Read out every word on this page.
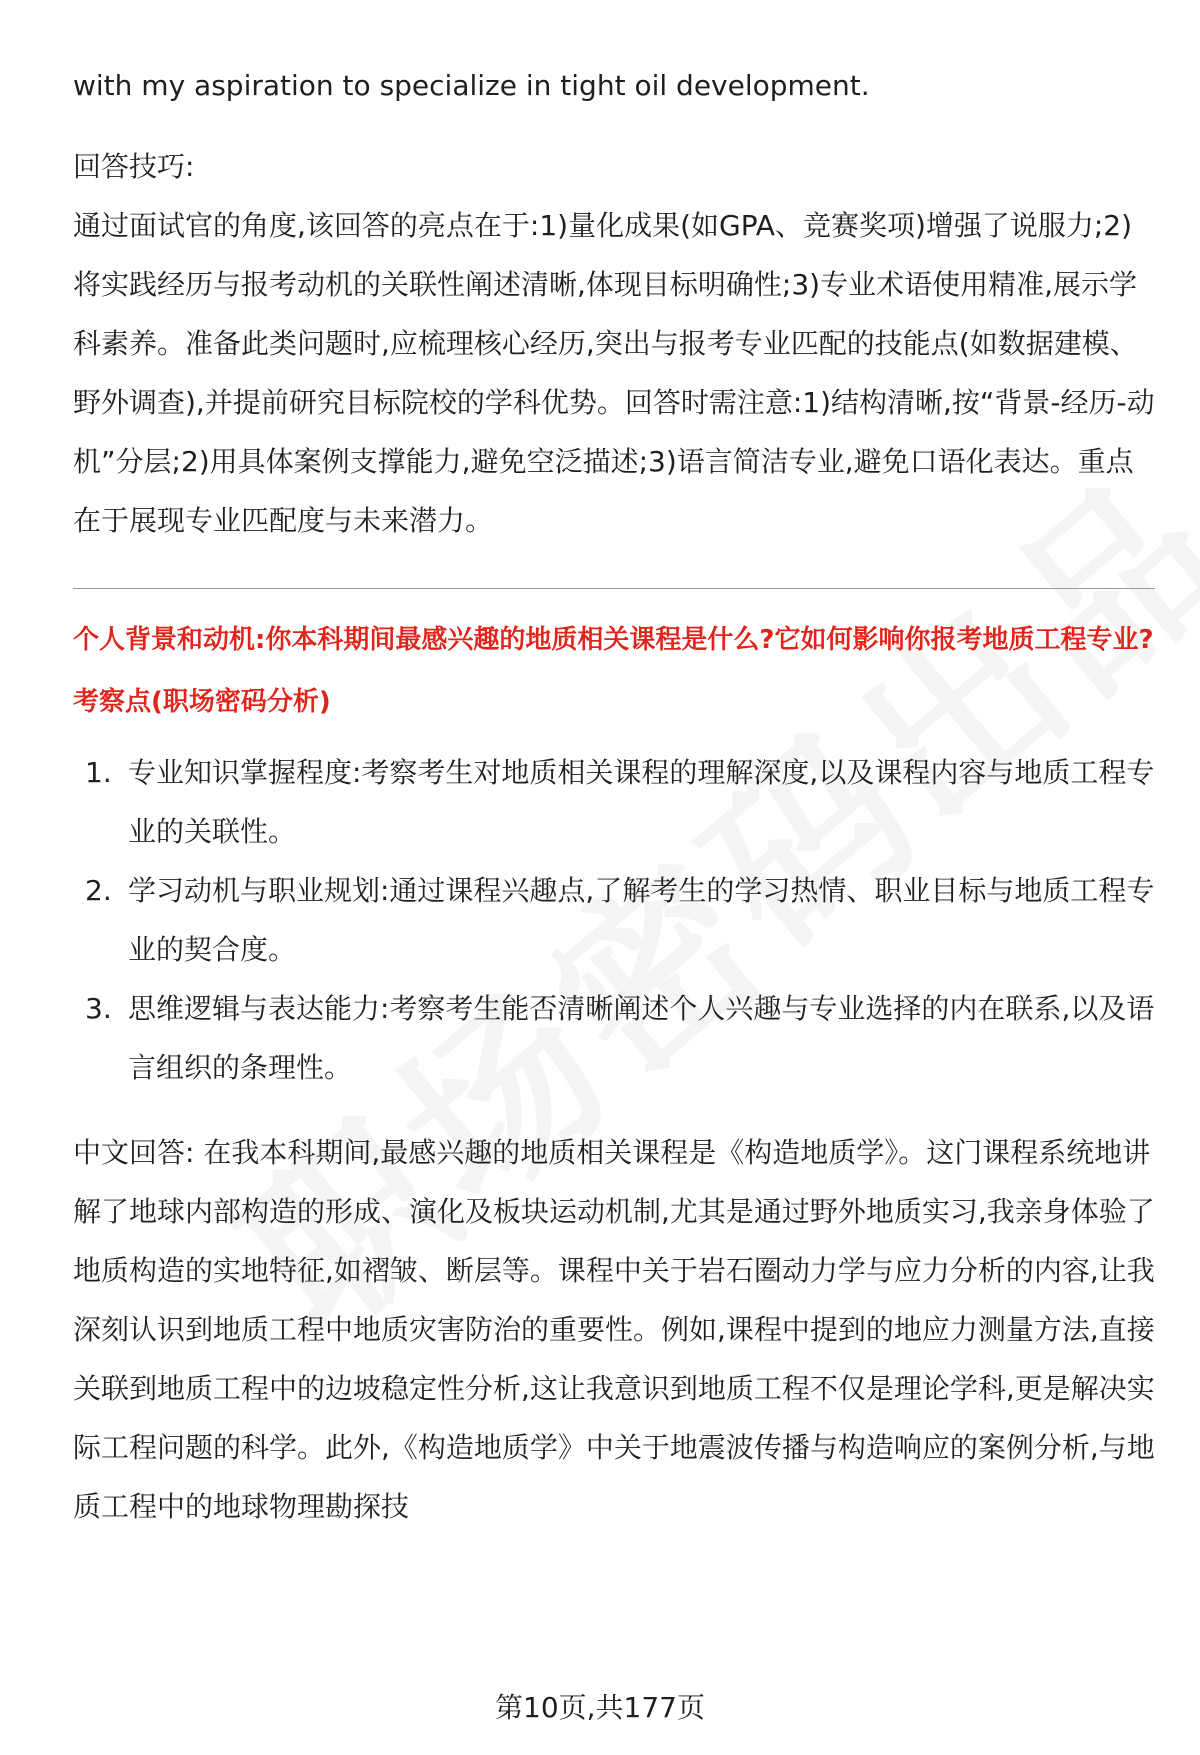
with my aspiration to specialize in tight oil development.

回答技巧:

通过面试官的角度,该回答的亮点在于:1)量化成果(如GPA、竞赛奖项)增强了说服力;2)将实践经历与报考动机的关联性阐述清晰,体现目标明确性;3)专业术语使用精准,展示学科素养。准备此类问题时,应梳理核心经历,突出与报考专业匹配的技能点(如数据建模、野外调查),并提前研究目标院校的学科优势。回答时需注意:1)结构清晰,按“背景-经历-动机”分层;2)用具体案例支撑能力,避免空泛描述;3)语言简洁专业,避免口语化表达。重点在于展现专业匹配度与未来潜力。

个人背景和动机:你本科期间最感兴趣的地质相关课程是什么?它如何影响你报考地质工程专业?

考察点(职场密码分析)

1. 专业知识掌握程度:考察考生对地质相关课程的理解深度,以及课程内容与地质工程专业的关联性。
2. 学习动机与职业规划:通过课程兴趣点,了解考生的学习热情、职业目标与地质工程专业的契合度。
3. 思维逻辑与表达能力:考察考生能否清晰阐述个人兴趣与专业选择的内在联系,以及语言组织的条理性。

中文回答: 在我本科期间,最感兴趣的地质相关课程是《构造地质学》。这门课程系统地讲解了地球内部构造的形成、演化及板块运动机制,尤其是通过野外地质实习,我亲身体验了地质构造的实地特征,如褶皱、断层等。课程中关于岩石圈动力学与应力分析的内容,让我深刻认识到地质工程中地质灾害防治的重要性。例如,课程中提到的地应力测量方法,直接关联到地质工程中的边坡稳定性分析,这让我意识到地质工程不仅是理论学科,更是解决实际工程问题的科学。此外,《构造地质学》中关于地震波传播与构造响应的案例分析,与地质工程中的地球物理勘探技

第10页,共177页
